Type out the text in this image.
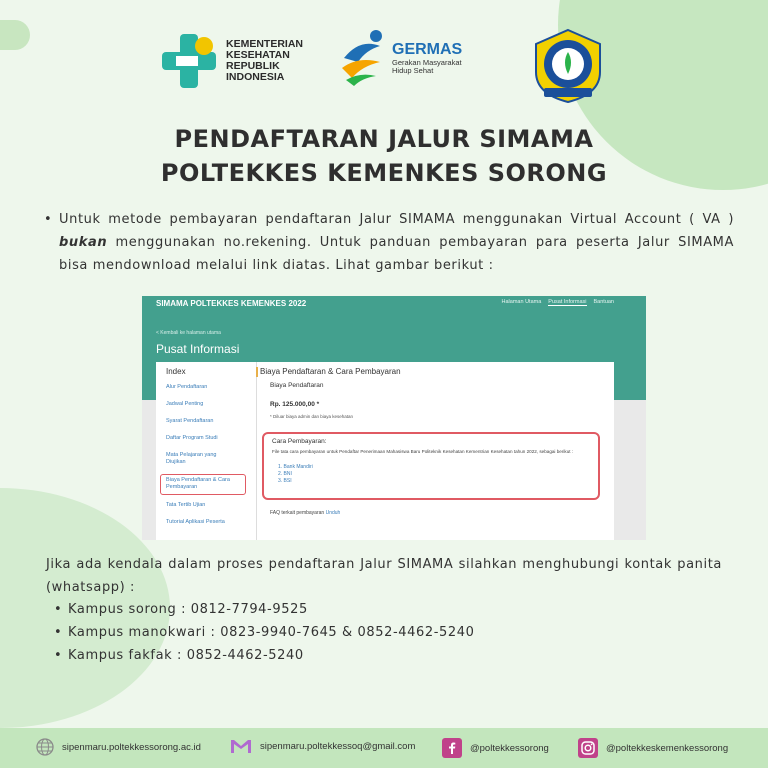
KEMENTERIAN
KESEHATAN
REPUBLIK
INDONESIA
GERMAS
Gerakan Masyarakat
Hidup Sehat
PENDAFTARAN JALUR SIMAMA
POLTEKKES KEMENKES SORONG
• Untuk metode pembayaran pendaftaran Jalur SIMAMA menggunakan Virtual Account ( VA ) bukan menggunakan no.rekening. Untuk panduan pembayaran para peserta Jalur SIMAMA bisa mendownload melalui link diatas. Lihat gambar berikut :
SIMAMA POLTEKKES KEMENKES 2022	Halaman Utama Pusat Informasi Bantuan
< Kembali ke halaman utama
Pusat Informasi
Index
Alur Pendaftaran
Jadwal Penting
Syarat Pendaftaran
Daftar Program Studi
Mata Pelajaran yang Diujikan
Biaya Pendaftaran & Cara Pembayaran
Tata Tertib Ujian
Tutorial Aplikasi Peserta
Biaya Pendaftaran & Cara Pembayaran
Biaya Pendaftaran
Rp. 125.000,00 *
* Diluar biaya admin dan biaya kesehatan
Cara Pembayaran:
File tata cara pembayaran untuk Pendaftar Penerimaan Mahasiswa Baru Politeknik Kesehatan Kementrian Kesehatan tahun 2022, sebagai berikut :
1. Bank Mandiri
2. BNI
3. BSI
FAQ terkait pembayaran Unduh
Jika ada kendala dalam proses pendaftaran Jalur SIMAMA silahkan menghubungi kontak panita (whatsapp) :
• Kampus sorong : 0812-7794-9525
• Kampus manokwari : 0823-9940-7645 & 0852-4462-5240
• Kampus fakfak : 0852-4462-5240
sipenmaru.poltekkessorong.ac.id	sipenmaru.poltekkessoq@gmail.com	@poltekkessorong	@poltekkeskemenkessorong
